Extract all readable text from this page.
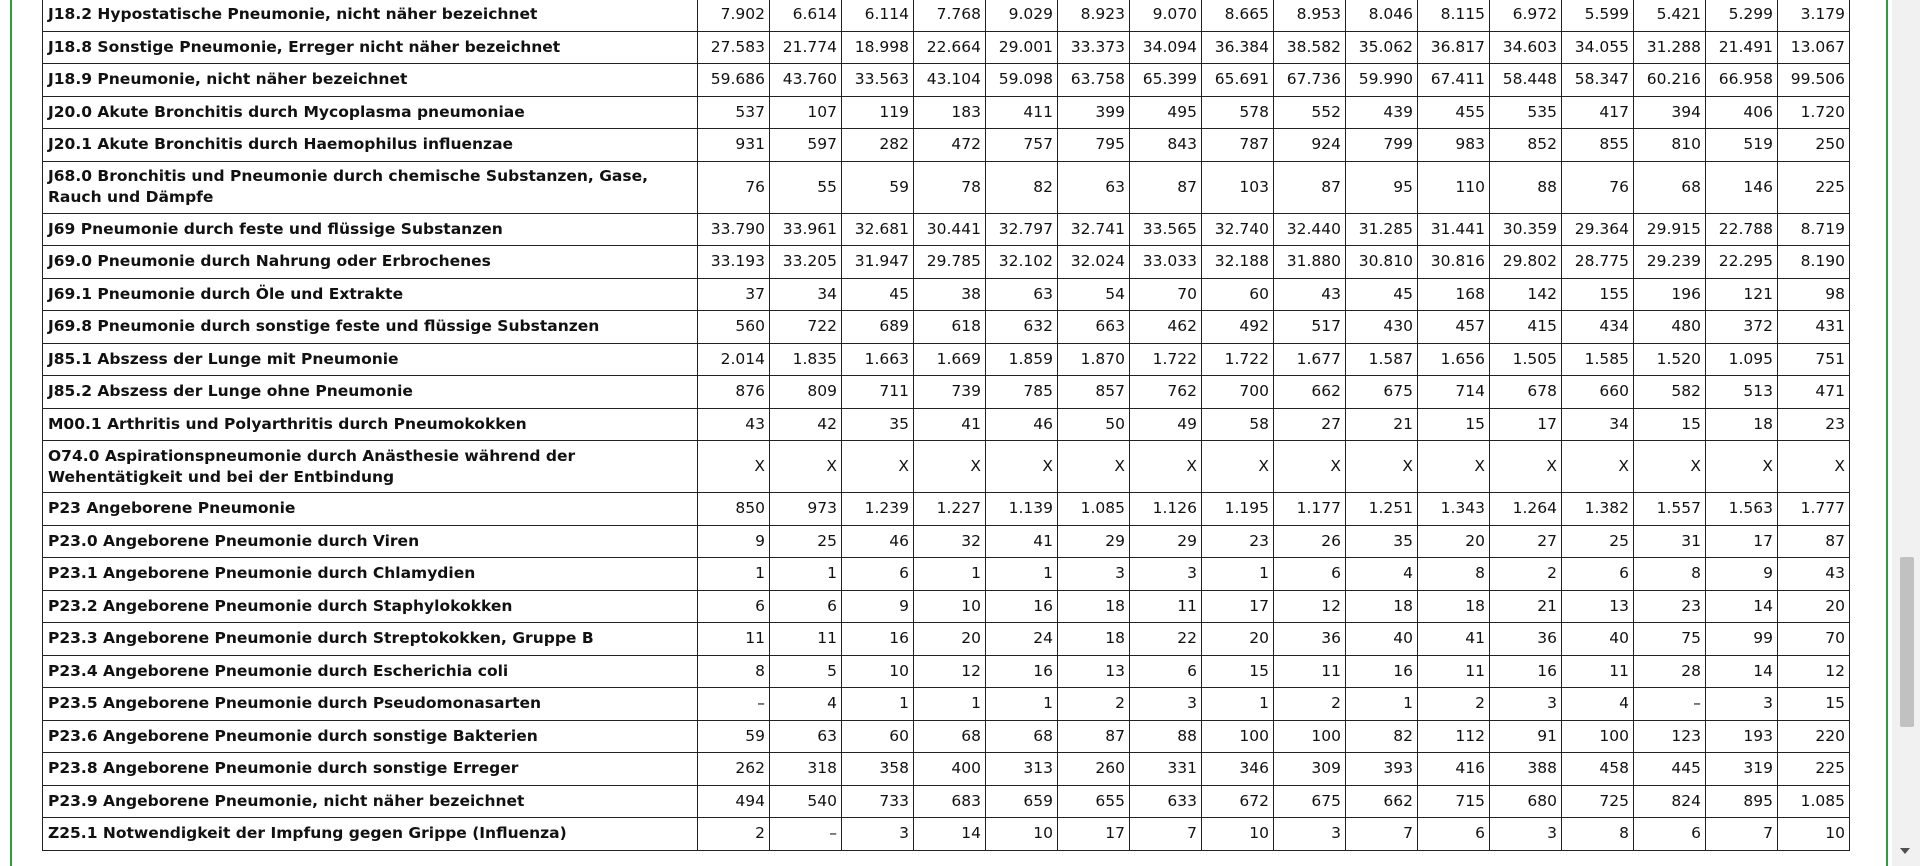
J18.2 Hypostatische Pneumonie, nicht näher bezeichnet	7.902	6.614	6.114	7.768	9.029	8.923	9.070	8.665	8.953	8.046	8.115	6.972	5.599	5.421	5.299	3.179
J18.8 Sonstige Pneumonie, Erreger nicht näher bezeichnet	27.583	21.774	18.998	22.664	29.001	33.373	34.094	36.384	38.582	35.062	36.817	34.603	34.055	31.288	21.491	13.067
J18.9 Pneumonie, nicht näher bezeichnet	59.686	43.760	33.563	43.104	59.098	63.758	65.399	65.691	67.736	59.990	67.411	58.448	58.347	60.216	66.958	99.506
J20.0 Akute Bronchitis durch Mycoplasma pneumoniae	537	107	119	183	411	399	495	578	552	439	455	535	417	394	406	1.720
J20.1 Akute Bronchitis durch Haemophilus influenzae	931	597	282	472	757	795	843	787	924	799	983	852	855	810	519	250
J68.0 Bronchitis und Pneumonie durch chemische Substanzen, Gase, Rauch und Dämpfe	76	55	59	78	82	63	87	103	87	95	110	88	76	68	146	225
J69 Pneumonie durch feste und flüssige Substanzen	33.790	33.961	32.681	30.441	32.797	32.741	33.565	32.740	32.440	31.285	31.441	30.359	29.364	29.915	22.788	8.719
J69.0 Pneumonie durch Nahrung oder Erbrochenes	33.193	33.205	31.947	29.785	32.102	32.024	33.033	32.188	31.880	30.810	30.816	29.802	28.775	29.239	22.295	8.190
J69.1 Pneumonie durch Öle und Extrakte	37	34	45	38	63	54	70	60	43	45	168	142	155	196	121	98
J69.8 Pneumonie durch sonstige feste und flüssige Substanzen	560	722	689	618	632	663	462	492	517	430	457	415	434	480	372	431
J85.1 Abszess der Lunge mit Pneumonie	2.014	1.835	1.663	1.669	1.859	1.870	1.722	1.722	1.677	1.587	1.656	1.505	1.585	1.520	1.095	751
J85.2 Abszess der Lunge ohne Pneumonie	876	809	711	739	785	857	762	700	662	675	714	678	660	582	513	471
M00.1 Arthritis und Polyarthritis durch Pneumokokken	43	42	35	41	46	50	49	58	27	21	15	17	34	15	18	23
O74.0 Aspirationspneumonie durch Anästhesie während der Wehentätigkeit und bei der Entbindung	X	X	X	X	X	X	X	X	X	X	X	X	X	X	X	X
P23 Angeborene Pneumonie	850	973	1.239	1.227	1.139	1.085	1.126	1.195	1.177	1.251	1.343	1.264	1.382	1.557	1.563	1.777
P23.0 Angeborene Pneumonie durch Viren	9	25	46	32	41	29	29	23	26	35	20	27	25	31	17	87
P23.1 Angeborene Pneumonie durch Chlamydien	1	1	6	1	1	3	3	1	6	4	8	2	6	8	9	43
P23.2 Angeborene Pneumonie durch Staphylokokken	6	6	9	10	16	18	11	17	12	18	18	21	13	23	14	20
P23.3 Angeborene Pneumonie durch Streptokokken, Gruppe B	11	11	16	20	24	18	22	20	36	40	41	36	40	75	99	70
P23.4 Angeborene Pneumonie durch Escherichia coli	8	5	10	12	16	13	6	15	11	16	11	16	11	28	14	12
P23.5 Angeborene Pneumonie durch Pseudomonasarten	–	4	1	1	1	2	3	1	2	1	2	3	4	–	3	15
P23.6 Angeborene Pneumonie durch sonstige Bakterien	59	63	60	68	68	87	88	100	100	82	112	91	100	123	193	220
P23.8 Angeborene Pneumonie durch sonstige Erreger	262	318	358	400	313	260	331	346	309	393	416	388	458	445	319	225
P23.9 Angeborene Pneumonie, nicht näher bezeichnet	494	540	733	683	659	655	633	672	675	662	715	680	725	824	895	1.085
Z25.1 Notwendigkeit der Impfung gegen Grippe (Influenza)	2	–	3	14	10	17	7	10	3	7	6	3	8	6	7	10
